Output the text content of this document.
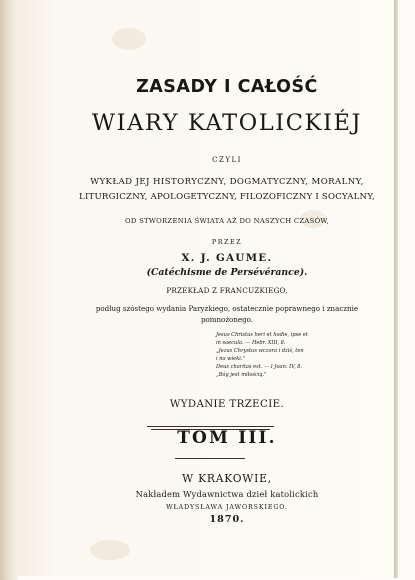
ZASADY I CAŁOŚĆ

WIARY KATOLICKIÉJ

CZYLI

WYKŁAD JEJ HISTORYCZNY, DOGMATYCZNY, MORALNY,

LITURGICZNY, APOLOGETYCZNY, FILOZOFICZNY I SOCYALNY,

OD STWORZENIA ŚWIATA AŻ DO NASZYCH CZASÓW,

PRZEZ

X. J. GAUME.

(Catéchisme de Persévérance).

PRZEKŁAD Z FRANCUZKIEGO,

podług szóstego wydania Paryzkiego, ostatecznie poprawnego i znacznie

pomnożonego.

Jesus Christus heri et hodie, ipse et

in saecula. — Hebr. XIII, 8.

„Jezus Chrystus wczora i dziś, ten

i na wieki."

Deus charitas est. — I Joan. IV, 8.

„Bóg jest miłością."

WYDANIE TRZECIE.

TOM III.

W KRAKOWIE,

Nakładem Wydawnictwa dzieł katolickich

WŁADYSŁAWA JAWORSKIEGO.

1870.
